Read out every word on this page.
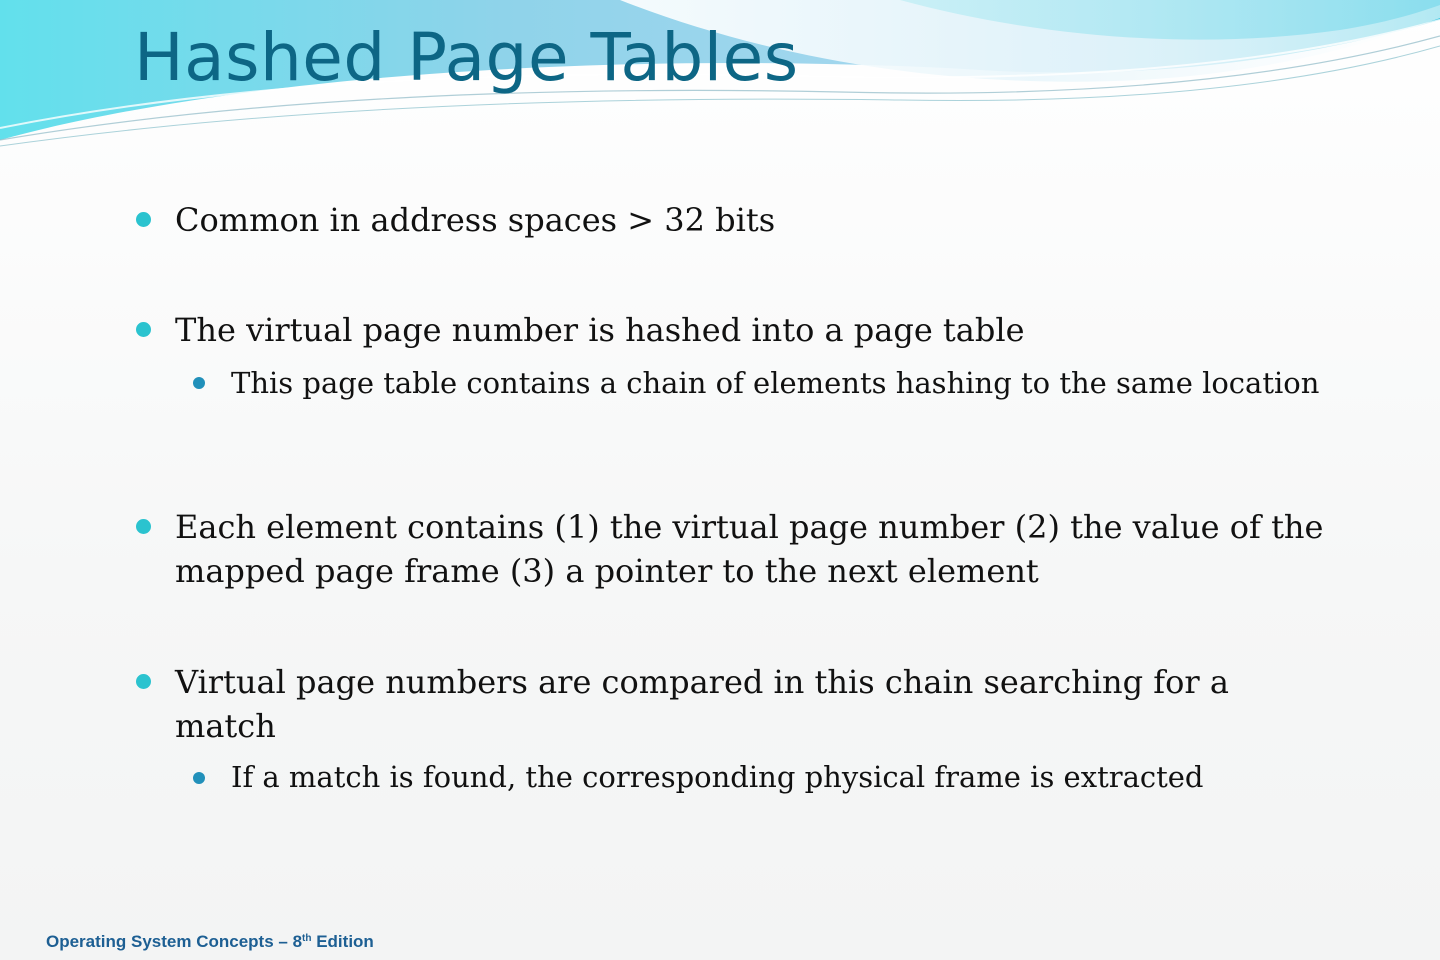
Hashed Page Tables
Common in address spaces > 32 bits
The virtual page number is hashed into a page table
This page table contains a chain of elements hashing to the same location
Each element contains (1) the virtual page number (2) the value of the mapped page frame (3) a pointer to the next element
Virtual page numbers are compared in this chain searching for a match
If a match is found, the corresponding physical frame is extracted
Operating System Concepts – 8th Edition
